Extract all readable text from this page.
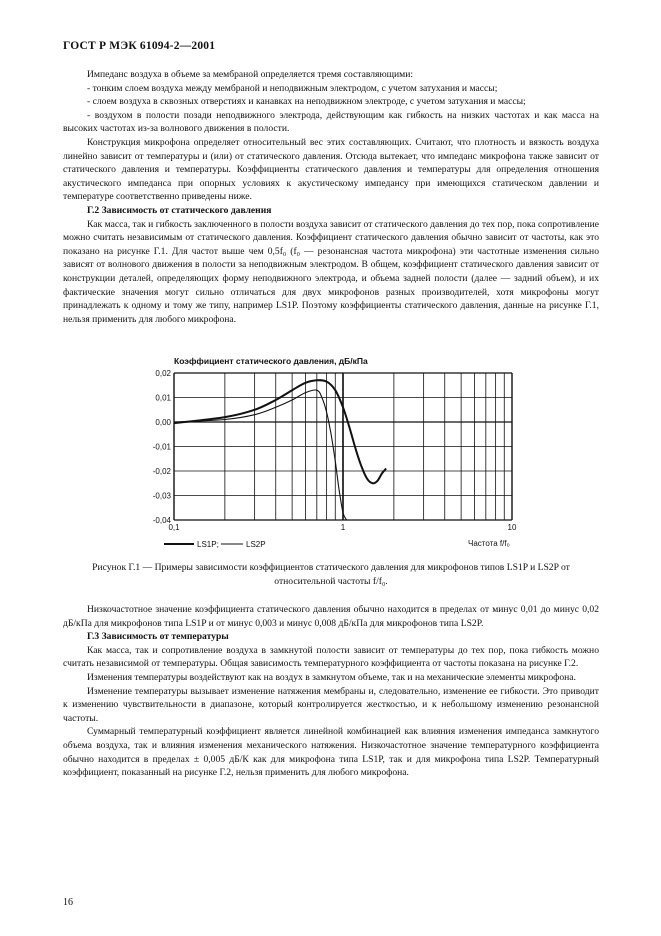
ГОСТ Р МЭК 61094-2—2001

Импеданс воздуха в объеме за мембраной определяется тремя составляющими:

- тонким слоем воздуха между мембраной и неподвижным электродом, с учетом затухания и массы;

- слоем воздуха в сквозных отверстиях и канавках на неподвижном электроде, с учетом затухания и массы;

- воздухом в полости позади неподвижного электрода, действующим как гибкость на низких частотах и как масса на высоких частотах из-за волнового движения в полости.

Конструкция микрофона определяет относительный вес этих составляющих. Считают, что плотность и вязкость воздуха линейно зависит от температуры и (или) от статического давления. Отсюда вытекает, что импеданс микрофона также зависит от статического давления и температуры. Коэффициенты статического давления и температуры для определения отношения акустического импеданса при опорных условиях к акустическому импедансу при имеющихся статическом давлении и температуре соответственно приведены ниже.

Г.2 Зависимость от статического давления

Как масса, так и гибкость заключенного в полости воздуха зависит от статического давления до тех пор, пока сопротивление можно считать независимым от статического давления. Коэффициент статического давления обычно зависит от частоты, как это показано на рисунке Г.1. Для частот выше чем 0,5f₀ (f₀ — резонансная частота микрофона) эти частотные изменения сильно зависят от волнового движения в полости за неподвижным электродом. В общем, коэффициент статического давления зависит от конструкции деталей, определяющих форму неподвижного электрода, и объема задней полости (далее — задний объем), и их фактические значения могут сильно отличаться для двух микрофонов разных производителей, хотя микрофоны могут принадлежать к одному и тому же типу, например LS1P. Поэтому коэффициенты статического давления, данные на рисунке Г.1, нельзя применить для любого микрофона.

Коэффициент статического давления, дБ/кПа
0,02
0,01
0,00
-0,01
-0,02
-0,03
-0,04
0,1	1	10
Частота f/f₀
LS1P;	LS2P
Рисунок Г.1 — Примеры зависимости коэффициентов статического давления для микрофонов типов LS1P и LS2P от относительной частоты f/f₀.

Низкочастотное значение коэффициента статического давления обычно находится в пределах от минус 0,01 до минус 0,02 дБ/кПа для микрофонов типа LS1P и от минус 0,003 и минус 0,008 дБ/кПа для микрофонов типа LS2P.

Г.3 Зависимость от температуры

Как масса, так и сопротивление воздуха в замкнутой полости зависит от температуры до тех пор, пока гибкость можно считать независимой от температуры. Общая зависимость температурного коэффициента от частоты показана на рисунке Г.2.

Изменения температуры воздействуют как на воздух в замкнутом объеме, так и на механические элементы микрофона.

Изменение температуры вызывает изменение натяжения мембраны и, следовательно, изменение ее гибкости. Это приводит к изменению чувствительности в диапазоне, который контролируется жесткостью, и к небольшому изменению резонансной частоты.

Суммарный температурный коэффициент является линейной комбинацией как влияния изменения импеданса замкнутого объема воздуха, так и влияния изменения механического натяжения. Низкочастотное значение температурного коэффициента обычно находится в пределах ± 0,005 дБ/К как для микрофона типа LS1P, так и для микрофона типа LS2P. Температурный коэффициент, показанный на рисунке Г.2, нельзя применить для любого микрофона.

16
